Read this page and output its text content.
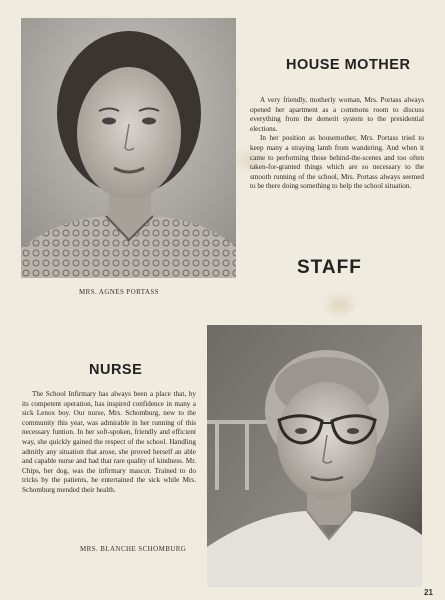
HOUSE MOTHER

A very friendly, motherly woman, Mrs. Portass always opened her apartment as a commons room to discuss everything from the demerit system to the presidential elections.

In her position as housemother, Mrs. Portass tried to keep many a straying lamb from wandering. And when it came to performing those behind-the-scenes and too often taken-for-granted things which are so necessary to the smooth running of the school, Mrs. Portass always seemed to be there doing something to help the school situation.

MRS. AGNES PORTASS
STAFF
NURSE

The School Infirmary has always been a place that, by its competent operation, has inspired confidence in many a sick Lenox boy. Our nurse, Mrs. Schomburg, new to the community this year, was admirable in her running of this necessary funtion. In her soft-spoken, friendly and efficient way, she quickly gained the respect of the school. Handling admitly any situation that arose, she proved herself an able and capable nurse and had that rare quality of kindness. Mr. Chips, her dog, was the infirmary mascot. Trained to do tricks by the patients, he entertained the sick while Mrs. Schomburg mended their health.

MRS. BLANCHE SCHOMBURG
21
